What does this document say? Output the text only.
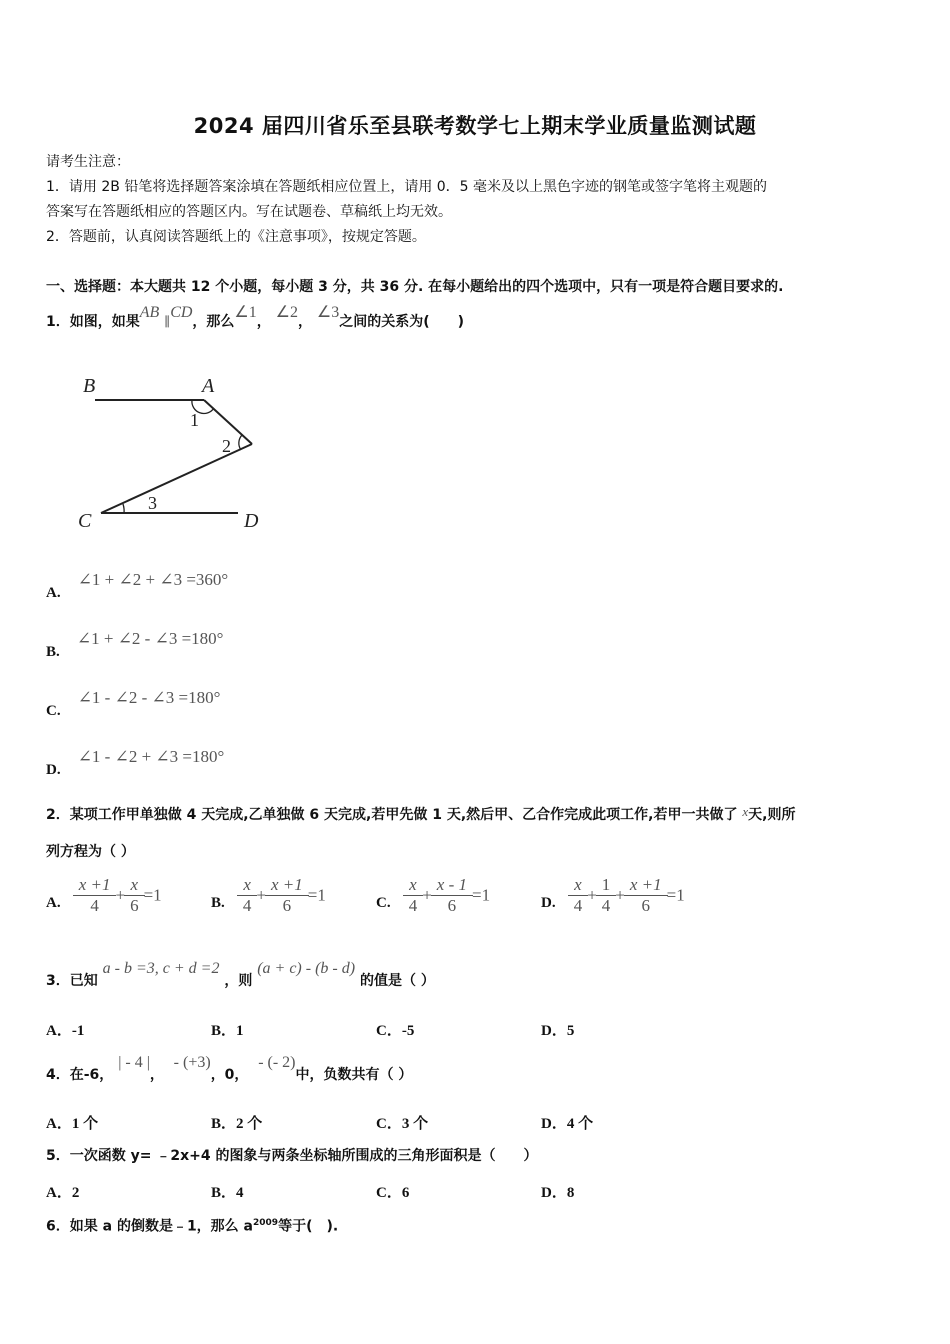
2024 届四川省乐至县联考数学七上期末学业质量监测试题
请考生注意：
1．请用 2B 铅笔将选择题答案涂填在答题纸相应位置上，请用 0．5 毫米及以上黑色字迹的钢笔或签字笔将主观题的
答案写在答题纸相应的答题区内。写在试题卷、草稿纸上均无效。
2．答题前，认真阅读答题纸上的《注意事项》，按规定答题。
一、选择题：本大题共 12 个小题，每小题 3 分，共 36 分. 在每小题给出的四个选项中，只有一项是符合题目要求的.
1．如图，如果AB ∥CD，那么∠1， ∠2， ∠3之间的关系为(　　)
B	A
C	D
1
2
3
A. ∠1 + ∠2 + ∠3 =360°
B. ∠1 + ∠2 - ∠3 =180°
C. ∠1 - ∠2 - ∠3 =180°
D. ∠1 - ∠2 + ∠3 =180°
2．某项工作甲单独做 4 天完成,乙单独做 6 天完成,若甲先做 1 天,然后甲、乙合作完成此项工作,若甲一共做了 x天,则所
列方程为（ ）
A. $\frac{x +1}{4} + \frac{x}{6} =1$	B. $\frac{x}{4} + \frac{x +1}{6} =1$	C. $\frac{x}{4} + \frac{x - 1}{6} =1$	D. $\frac{x}{4} + \frac{1}{4} + \frac{x +1}{6} =1$
3．已知 a - b =3, c + d =2 ，则 (a + c) - (b - d) 的值是（ ）
A．-1	B．1	C．-5	D．5
4．在-6， | - 4 |，  - (+3)，0，  - (- 2)中，负数共有（ ）
A．1 个	B．2 个	C．3 个	D．4 个
5．一次函数 y= ﹣2x+4 的图象与两条坐标轴所围成的三角形面积是（　　）
A．2	B．4	C．6	D．8
6．如果 a 的倒数是﹣1，那么 $a^{2009}$等于(　).
